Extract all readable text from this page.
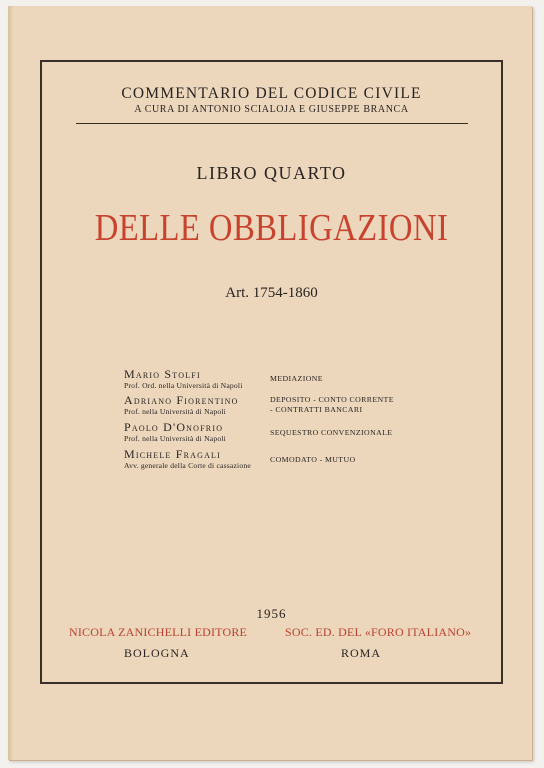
COMMENTARIO DEL CODICE CIVILE
A CURA DI ANTONIO SCIALOJA E GIUSEPPE BRANCA
LIBRO QUARTO
DELLE OBBLIGAZIONI
Art. 1754-1860
Mario Stolfi
Prof. Ord. nella Università di Napoli
MEDIAZIONE
Adriano Fiorentino
Prof. nella Università di Napoli
DEPOSITO - CONTO CORRENTE
- CONTRATTI BANCARI
Paolo D'Onofrio
Prof. nella Università di Napoli
SEQUESTRO CONVENZIONALE
Michele Fragali
Avv. generale della Corte di cassazione
COMODATO - MUTUO
1956
NICOLA ZANICHELLI EDITORE	SOC. ED. DEL «FORO ITALIANO»
BOLOGNA	ROMA
